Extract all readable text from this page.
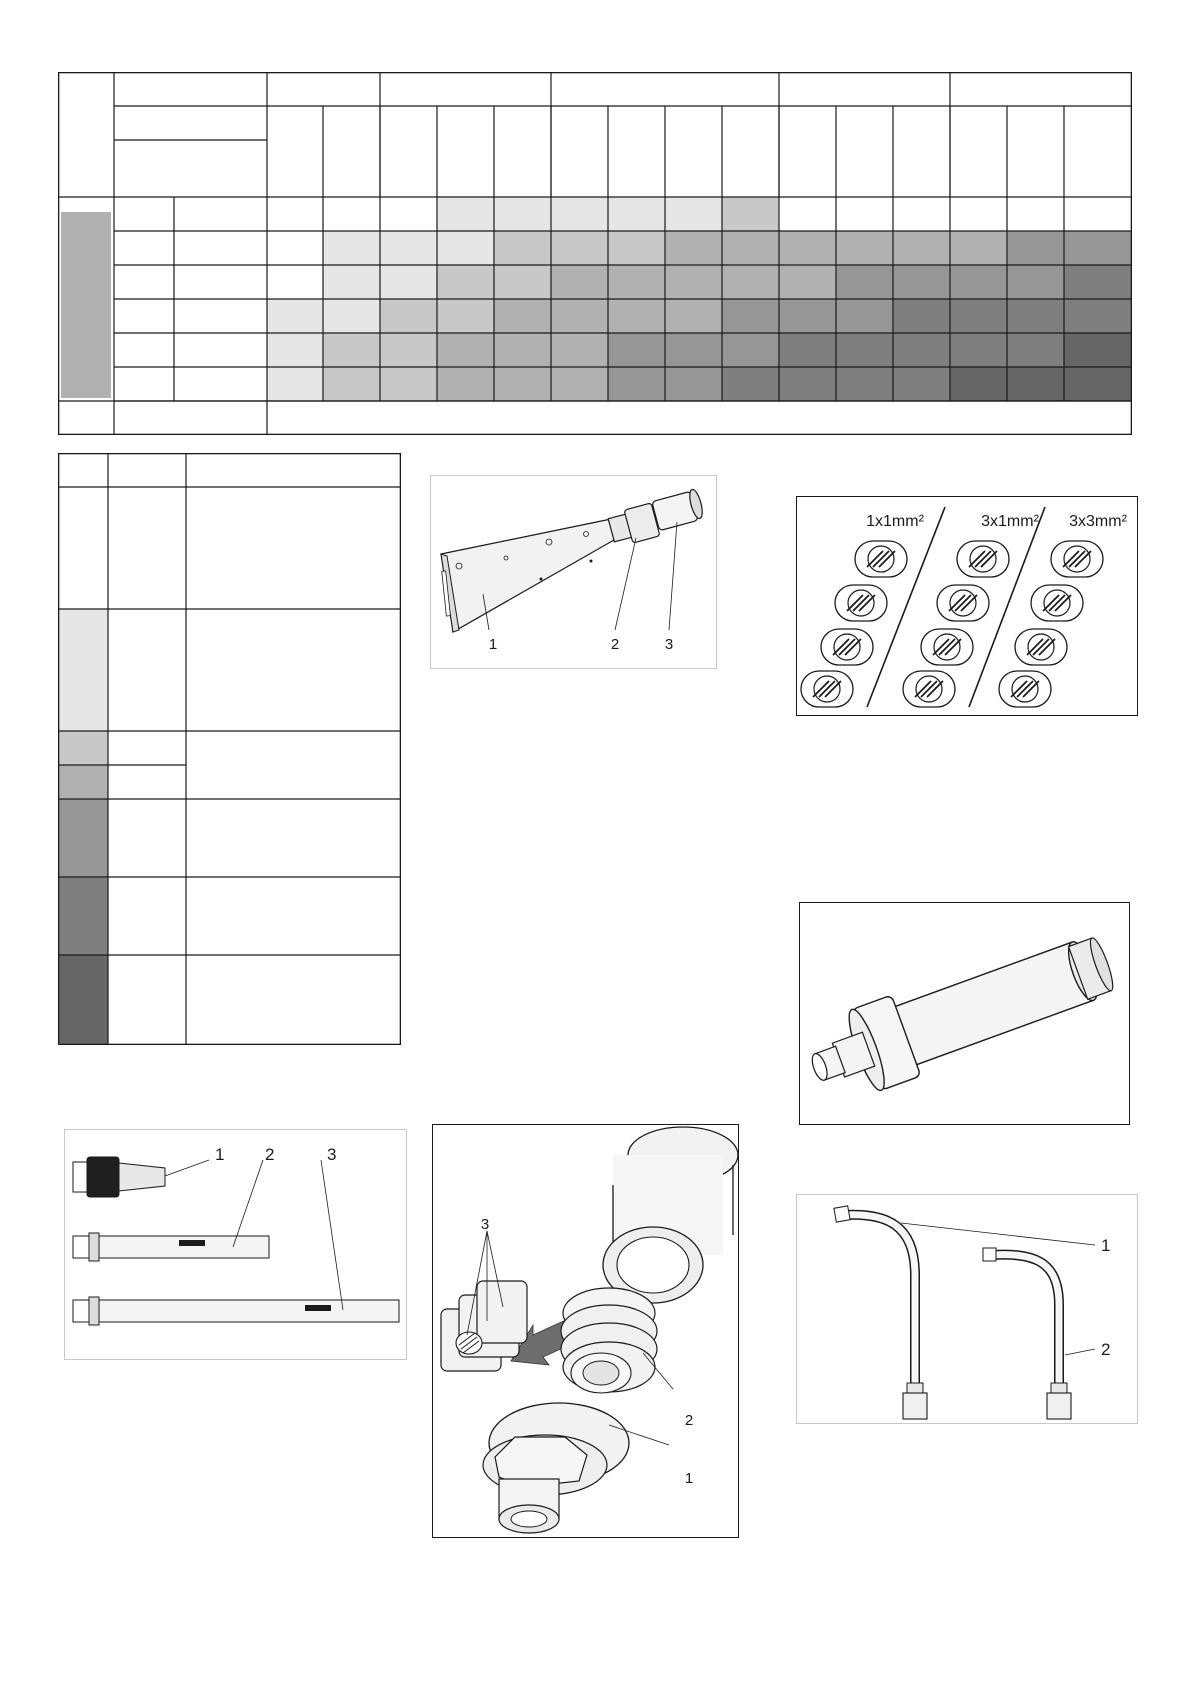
1	2	3
1x1mm²	3x1mm² 3x3mm²
1 2	3
3
2
1
1
2
